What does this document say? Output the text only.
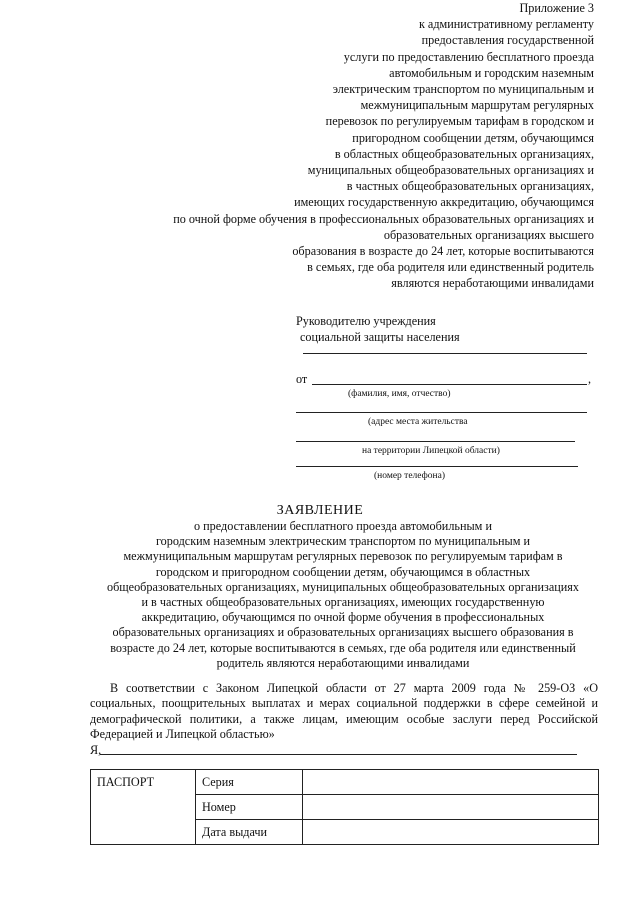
Приложение 3
к административному регламенту
предоставления государственной
услуги по предоставлению бесплатного проезда
автомобильным и городским наземным
электрическим транспортом по муниципальным и
межмуниципальным маршрутам регулярных
перевозок по регулируемым тарифам в городском и
пригородном сообщении детям, обучающимся
в областных общеобразовательных организациях,
муниципальных общеобразовательных организациях и
в частных общеобразовательных организациях,
имеющих государственную аккредитацию, обучающимся
по очной форме обучения в профессиональных образовательных организациях и
образовательных организациях высшего
образования в возрасте до 24 лет, которые воспитываются
в семьях, где оба родителя или единственный родитель
являются неработающими инвалидами
Руководителю учреждения
социальной защиты населения
от	,
(фамилия, имя, отчество)
(адрес места жительства
на территории Липецкой области)
(номер телефона)
ЗАЯВЛЕНИЕ
о предоставлении бесплатного проезда автомобильным и
городским наземным электрическим транспортом по муниципальным и
межмуниципальным маршрутам регулярных перевозок по регулируемым тарифам в
городском и пригородном сообщении детям, обучающимся в областных
общеобразовательных организациях, муниципальных общеобразовательных организациях
и в частных общеобразовательных организациях, имеющих государственную
аккредитацию, обучающимся по очной форме обучения в профессиональных
образовательных организациях и образовательных организациях высшего образования в
возрасте до 24 лет, которые воспитываются в семьях, где оба родителя или единственный
родитель являются неработающими инвалидами
В соответствии с Законом Липецкой области от 27 марта 2009 года № 259-ОЗ «О социальных, поощрительных выплатах и мерах социальной поддержки в сфере семейной и демографической политики, а также лицам, имеющим особые заслуги перед Российской Федерацией и Липецкой областью»
Я,
ПАСПОРТ	Серия	
	Номер	
	Дата выдачи	
